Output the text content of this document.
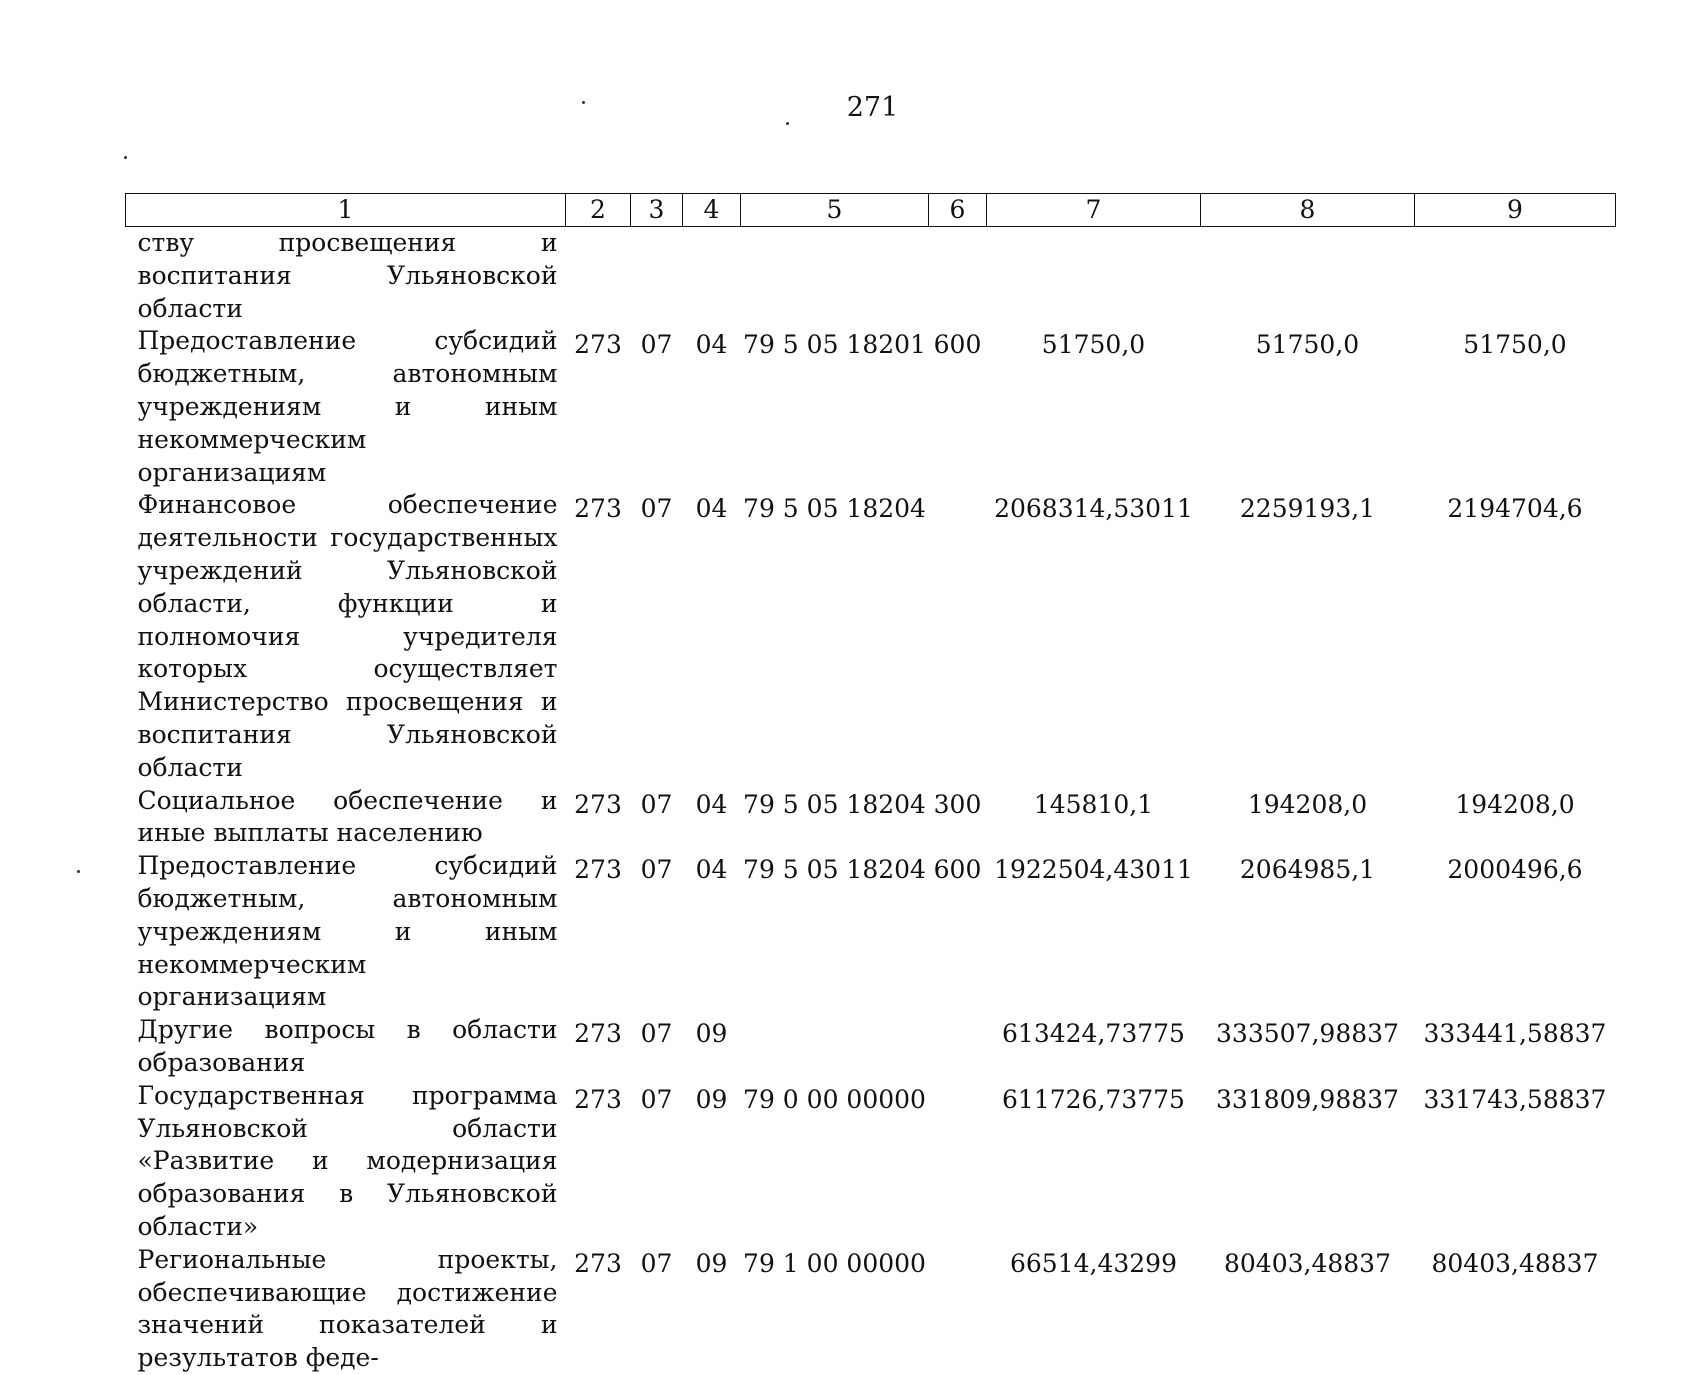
271
1	2	3	4	5	6	7	8	9
ству просвещения и воспитания Ульяновской области								
Предоставление субсидий бюджетным, автономным учреждениям и иным некоммерческим организациям	273	07	04	79 5 05 18201	600	51750,0	51750,0	51750,0
Финансовое обеспечение деятельности государственных учреждений Ульяновской области, функции и полномочия учредителя которых осуществляет Министерство просвещения и воспитания Ульяновской области	273	07	04	79 5 05 18204		2068314,53011	2259193,1	2194704,6
Социальное обеспечение и иные выплаты населению	273	07	04	79 5 05 18204	300	145810,1	194208,0	194208,0
Предоставление субсидий бюджетным, автономным учреждениям и иным некоммерческим организациям	273	07	04	79 5 05 18204	600	1922504,43011	2064985,1	2000496,6
Другие вопросы в области образования	273	07	09			613424,73775	333507,98837	333441,58837
Государственная программа Ульяновской области «Развитие и модернизация образования в Ульяновской области»	273	07	09	79 0 00 00000		611726,73775	331809,98837	331743,58837
Региональные проекты, обеспечивающие достижение значений показателей и результатов феде-	273	07	09	79 1 00 00000		66514,43299	80403,48837	80403,48837
